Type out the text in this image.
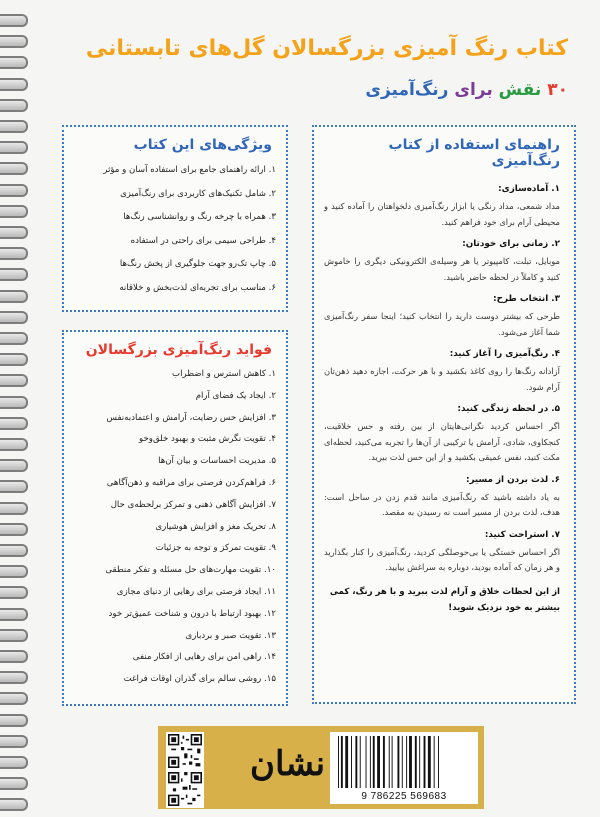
کتاب رنگ آمیزی بزرگسالان گل‌های تابستانی
۳۰ نقش برای رنگ‌آمیزی
ویژگی‌های این کتاب
۱. ارائه راهنمای جامع برای استفاده آسان و مؤثر
۲. شامل تکنیک‌های کاربردی برای رنگ‌آمیزی
۳. همراه با چرخه رنگ و روانشناسی رنگ‌ها
۴. طراحی سیمی برای راحتی در استفاده
۵. چاپ تک‌رو جهت جلوگیری از پخش رنگ‌ها
۶. مناسب برای تجربه‌ای لذت‌بخش و خلاقانه
فواید رنگ‌آمیزی بزرگسالان
۱. کاهش استرس و اضطراب
۲. ایجاد یک فضای آرام
۳. افزایش حس رضایت، آرامش و اعتمادبه‌نفس
۴. تقویت نگرش مثبت و بهبود خلق‌وخو
۵. مدیریت احساسات و بیان آن‌ها
۶. فراهم‌کردن فرصتی برای مراقبه و ذهن‌آگاهی
۷. افزایش آگاهی ذهنی و تمرکز برلحظه‌ی حال
۸. تحریک مغز و افزایش هوشیاری
۹. تقویت تمرکز و توجه به جزئیات
۱۰. تقویت مهارت‌های حل مسئله و تفکر منطقی
۱۱. ایجاد فرصتی برای رهایی از دنیای مجازی
۱۲. بهبود ارتباط با درون و شناخت عمیق‌تر خود
۱۳. تقویت صبر و بردباری
۱۴. راهی امن برای رهایی از افکار منفی
۱۵. روشی سالم برای گذران اوقات فراغت
راهنمای استفاده از کتاب رنگ‌آمیزی
۱. آماده‌سازی:

مداد شمعی، مداد رنگی یا ابزار رنگ‌آمیزی دلخواهتان را آماده کنید و محیطی آرام برای خود فراهم کنید.

۲. زمانی برای خودتان:

موبایل، تبلت، کامپیوتر یا هر وسیله‌ی الکترونیکی دیگری را خاموش کنید و کاملاً در لحظه حاضر باشید.

۳. انتخاب طرح:

طرحی که بیشتر دوست دارید را انتخاب کنید؛ اینجا سفر رنگ‌آمیزی شما آغاز می‌شود.

۴. رنگ‌آمیزی را آغاز کنید:

آزادانه رنگ‌ها را روی کاغذ بکشید و با هر حرکت، اجازه دهید ذهن‌تان آرام شود.

۵. در لحظه زندگی کنید:

اگر احساس کردید نگرانی‌هایتان از بین رفته و حس خلاقیت، کنجکاوی، شادی، آرامش یا ترکیبی از آن‌ها را تجربه می‌کنید، لحظه‌ای مکث کنید، نفس عمیقی بکشید و از این حس لذت ببرید.

۶. لذت بردن از مسیر:

به یاد داشته باشید که رنگ‌آمیزی مانند قدم زدن در ساحل است: هدف، لذت بردن از مسیر است نه رسیدن به مقصد.

۷. استراحت کنید:

اگر احساس خستگی یا بی‌حوصلگی کردید، رنگ‌آمیزی را کنار بگذارید و هر زمان که آماده بودید، دوباره به سراغش بیایید.

از این لحظات خلاق و آرام لذت ببرید و با هر رنگ، کمی بیشتر به خود نزدیک شوید!
نشان
9 786225 569683
